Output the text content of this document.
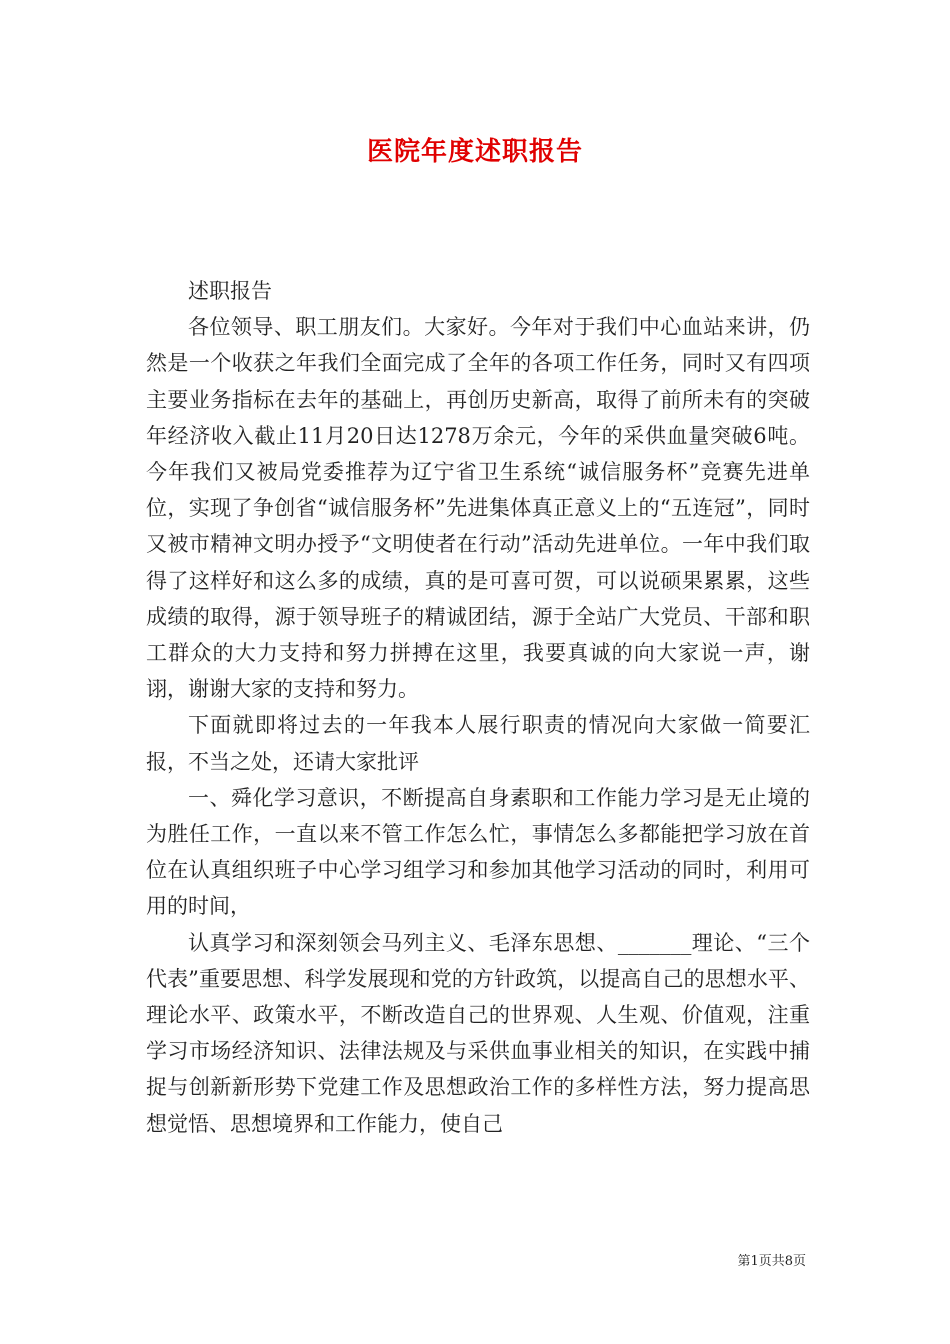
医院年度述职报告

述职报告

各位领导、职工朋友们。大家好。今年对于我们中心血站来讲，仍然是一个收获之年我们全面完成了全年的各项工作任务，同时又有四项主要业务指标在去年的基础上，再创历史新高，取得了前所未有的突破年经济收入截止11月20日达1278万余元，今年的采供血量突破6吨。今年我们又被局党委推荐为辽宁省卫生系统“诚信服务杯”竞赛先进单位，实现了争创省“诚信服务杯”先进集体真正意义上的“五连冠”，同时又被市精神文明办授予“文明使者在行动”活动先进单位。一年中我们取得了这样好和这么多的成绩，真的是可喜可贺，可以说硕果累累，这些成绩的取得，源于领导班子的精诚团结，源于全站广大党员、干部和职工群众的大力支持和努力拼搏在这里，我要真诚的向大家说一声，谢诩，谢谢大家的支持和努力。

下面就即将过去的一年我本人展行职责的情况向大家做一简要汇报，不当之处，还请大家批评

一、舜化学习意识，不断提高自身素职和工作能力学习是无止境的为胜任工作，一直以来不管工作怎么忙，事情怎么多都能把学习放在首位在认真组织班子中心学习组学习和参加其他学习活动的同时，利用可用的时间，

认真学习和深刻领会马列主义、毛泽东思想、_______理论、“三个代表”重要思想、科学发展现和党的方针政筑，以提高自己的思想水平、理论水平、政策水平，不断改造自己的世界观、人生观、价值观，注重学习市场经济知识、法律法规及与采供血事业相关的知识，在实践中捕捉与创新新形势下党建工作及思想政治工作的多样性方法，努力提高思想觉悟、思想境界和工作能力，使自己

第1页共8页
